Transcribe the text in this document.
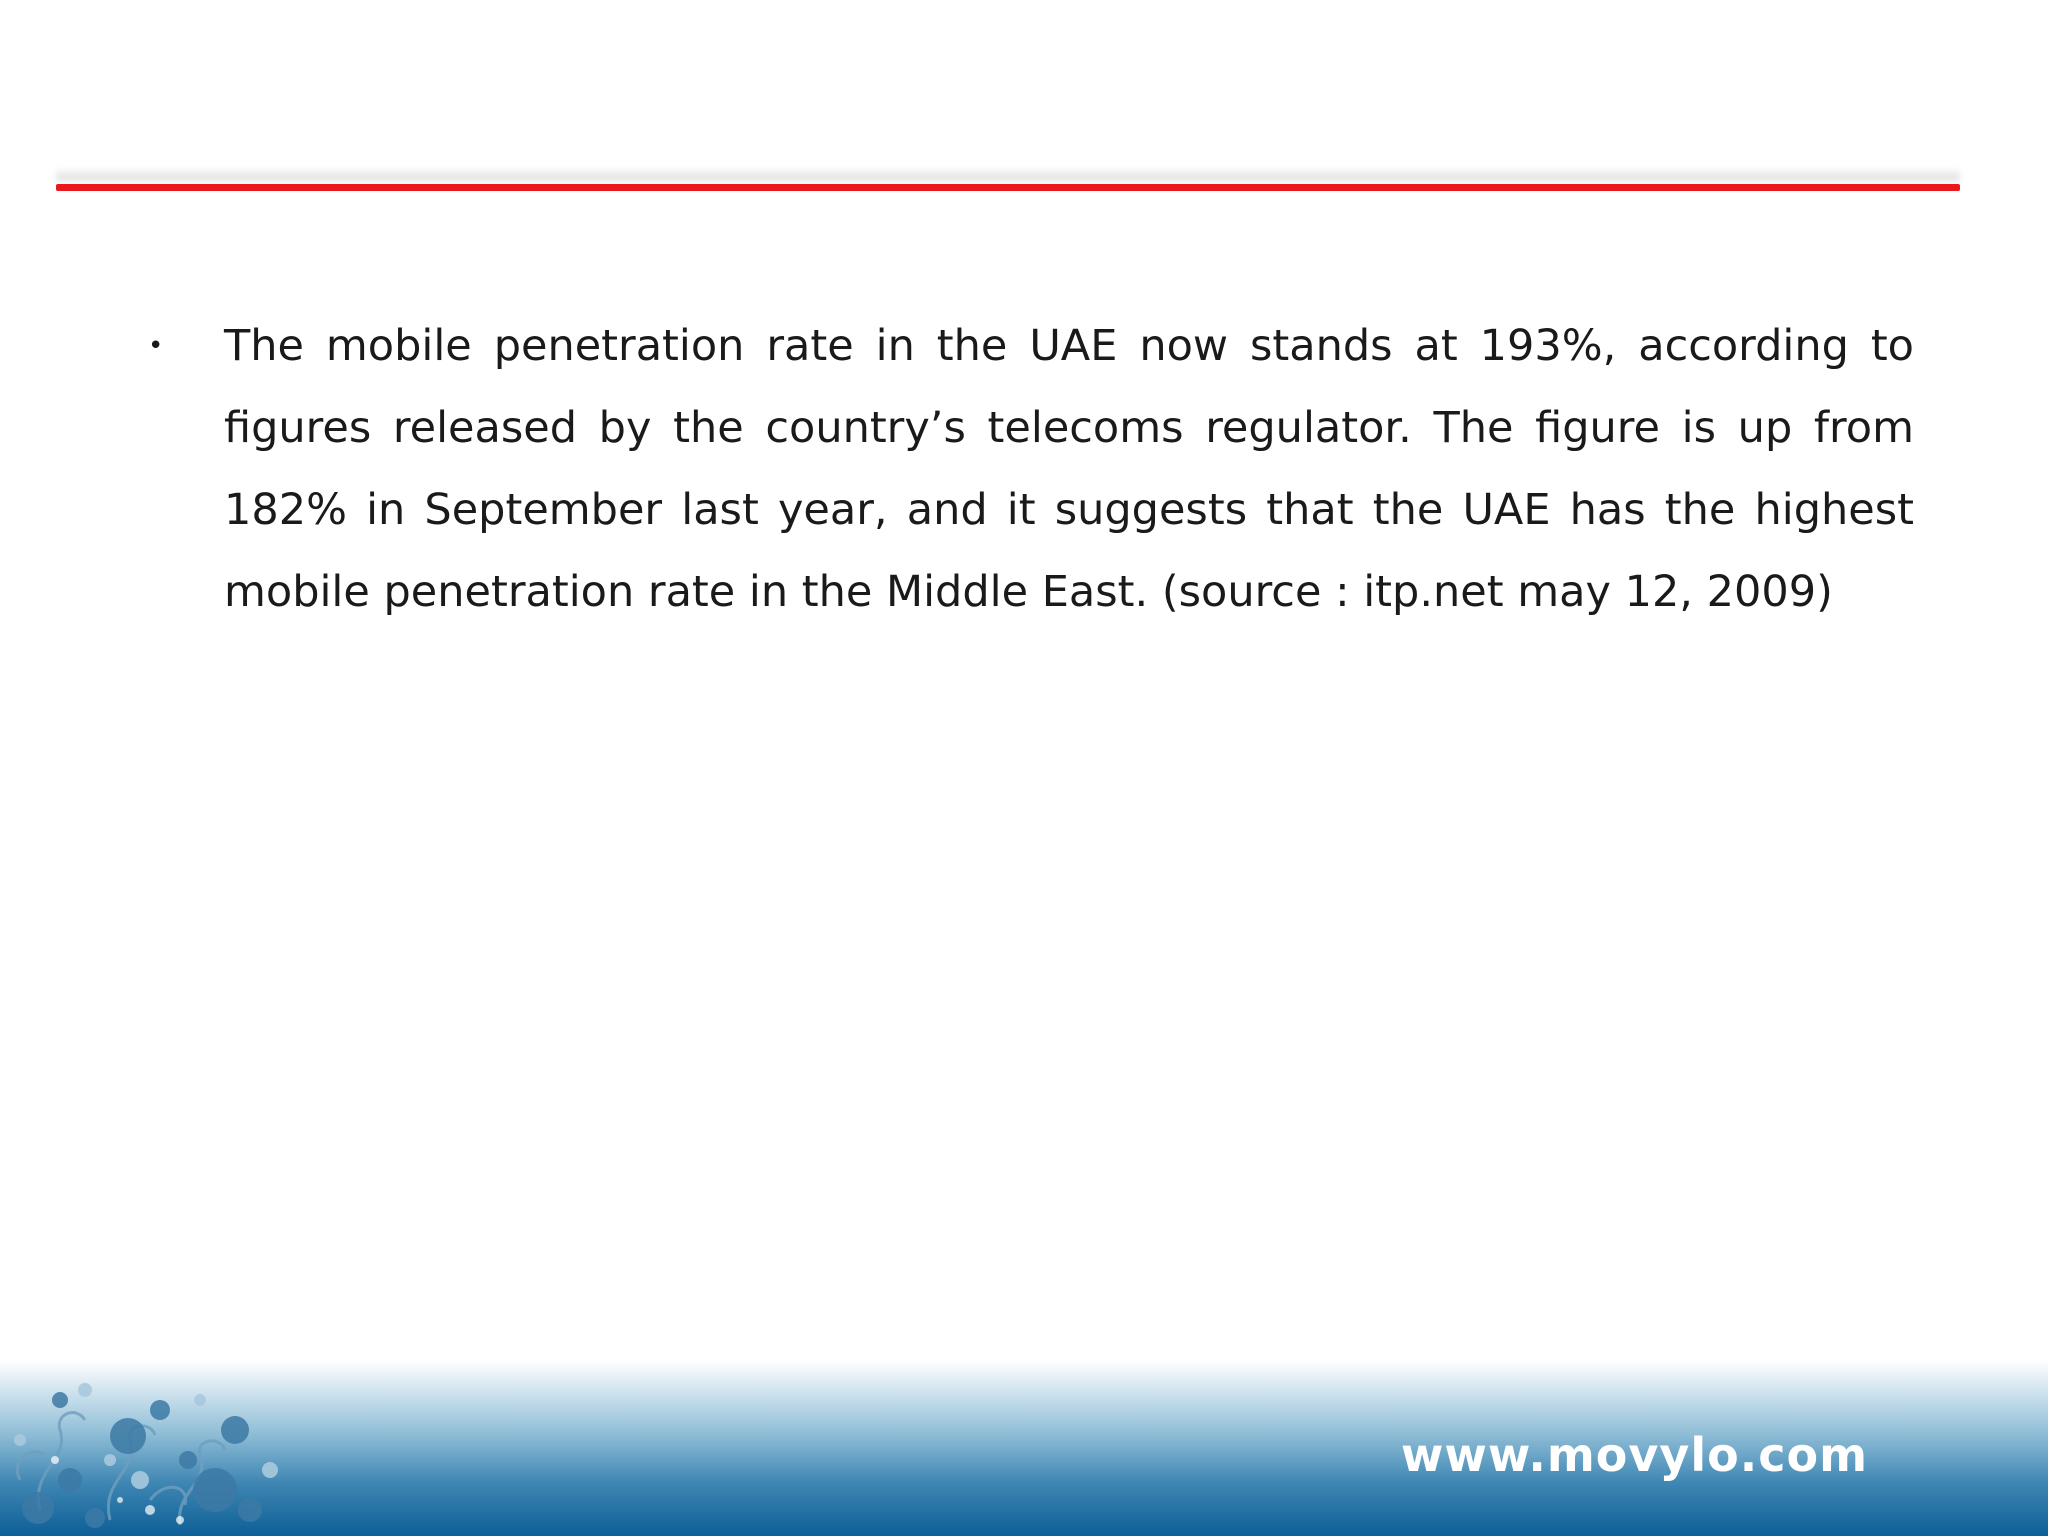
•	The mobile penetration rate in the UAE now stands at 193%, according to figures released by the country’s telecoms regulator. The figure is up from 182% in September last year, and it suggests that the UAE has the highest mobile penetration rate in the Middle East. (source : itp.net may 12, 2009)
www.movylo.com
